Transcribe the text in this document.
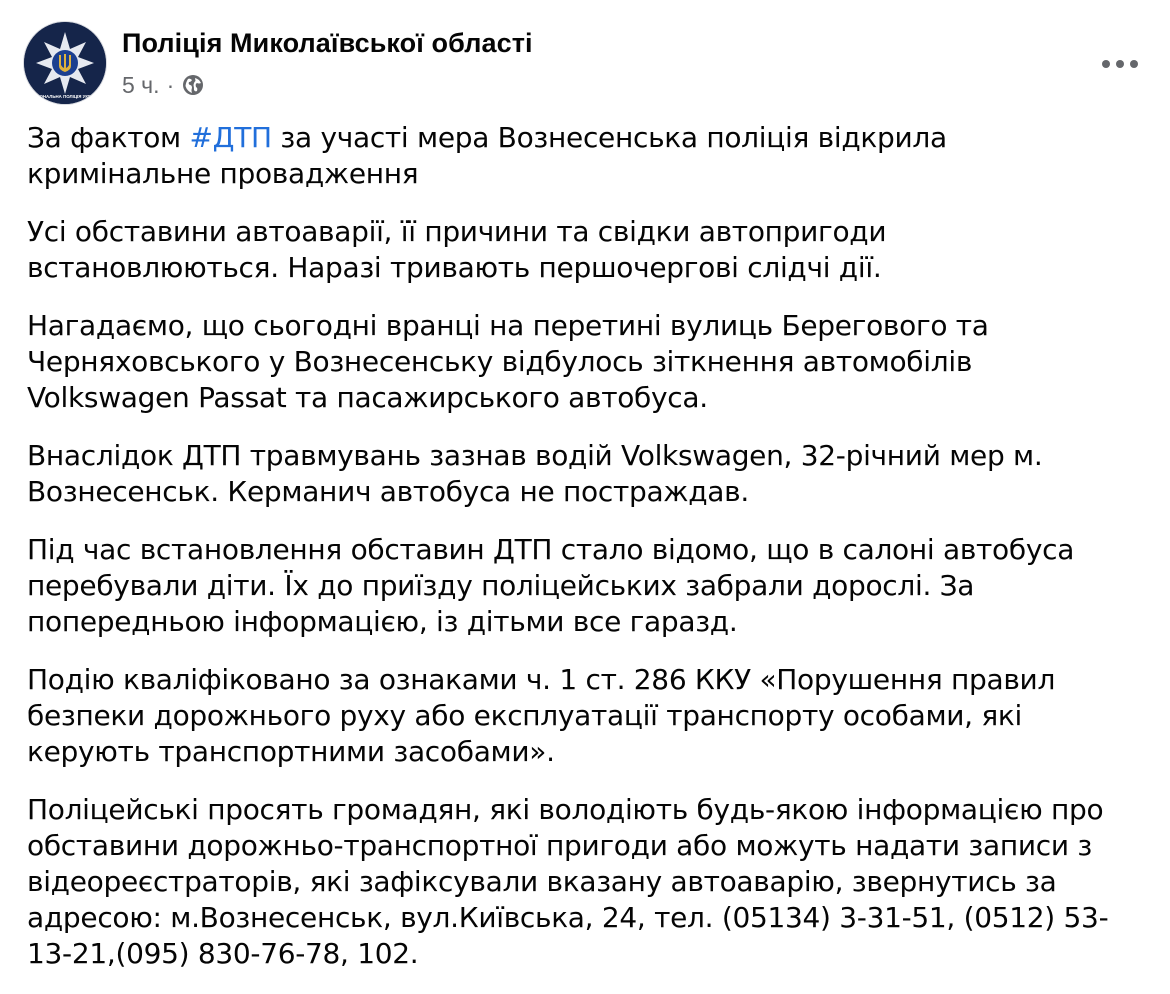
НАЦІОНАЛЬНА ПОЛІЦІЯ УКРАЇНИ
Поліція Миколаївської області
5 ч. ·

За фактом #ДТП за участі мера Вознесенська поліція відкрила кримінальне провадження

Усі обставини автоаварії, її причини та свідки автопригоди встановлюються. Наразі тривають першочергові слідчі дії.

Нагадаємо, що сьогодні вранці на перетині вулиць Берегового та Черняховського у Вознесенську відбулось зіткнення автомобілів Volkswagen Passat та пасажирського автобуса.

Внаслідок ДТП травмувань зазнав водій Volkswagen, 32-річний мер м. Вознесенськ. Керманич автобуса не постраждав.

Під час встановлення обставин ДТП стало відомо, що в салоні автобуса перебували діти. Їх до приїзду поліцейських забрали дорослі. За попередньою інформацією, із дітьми все гаразд.

Подію кваліфіковано за ознаками ч. 1 ст. 286 ККУ «Порушення правил безпеки дорожнього руху або експлуатації транспорту особами, які керують транспортними засобами».

Поліцейські просять громадян, які володіють будь-якою інформацією про обставини дорожньо-транспортної пригоди або можуть надати записи з відеореєстраторів, які зафіксували вказану автоаварію, звернутись за адресою: м.Вознесенськ, вул.Київська, 24, тел. (05134) 3-31-51, (0512) 53-13-21,(095) 830-76-78, 102.
